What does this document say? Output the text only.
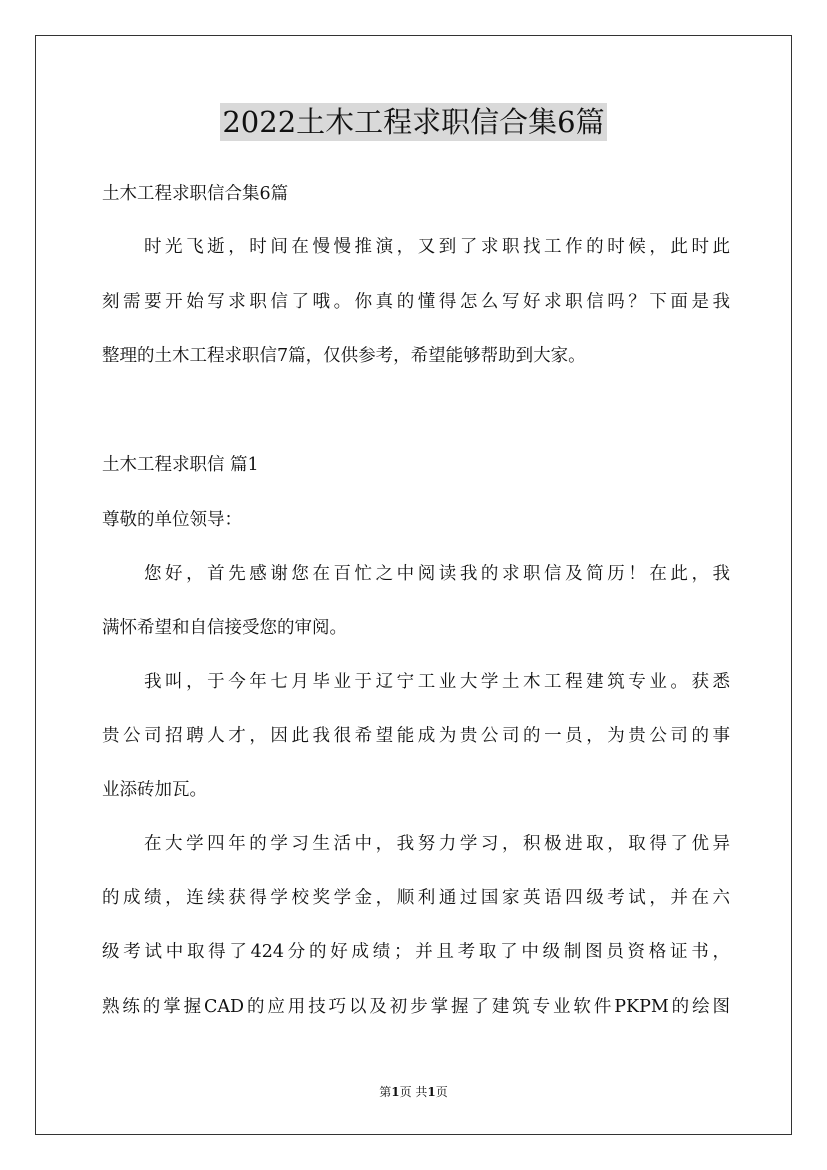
2022土木工程求职信合集6篇
土木工程求职信合集6篇
时光飞逝，时间在慢慢推演，又到了求职找工作的时候，此时此
刻需要开始写求职信了哦。你真的懂得怎么写好求职信吗？下面是我
整理的土木工程求职信7篇，仅供参考，希望能够帮助到大家。
土木工程求职信 篇1
尊敬的单位领导：
您好，首先感谢您在百忙之中阅读我的求职信及简历！在此，我
满怀希望和自信接受您的审阅。
我叫，于今年七月毕业于辽宁工业大学土木工程建筑专业。获悉
贵公司招聘人才，因此我很希望能成为贵公司的一员，为贵公司的事
业添砖加瓦。
在大学四年的学习生活中，我努力学习，积极进取，取得了优异
的成绩，连续获得学校奖学金，顺利通过国家英语四级考试，并在六
级考试中取得了424分的好成绩；并且考取了中级制图员资格证书，
熟练的掌握CAD的应用技巧以及初步掌握了建筑专业软件PKPM的绘图
第1页 共1页
